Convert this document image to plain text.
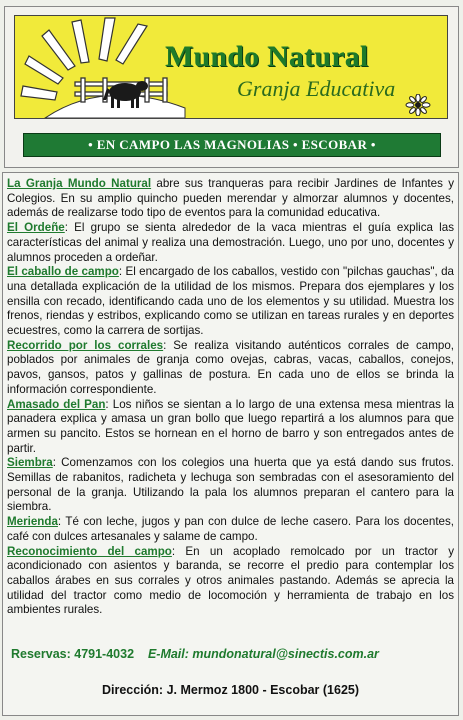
Mundo Natural
Granja Educativa
• EN CAMPO LAS MAGNOLIAS • ESCOBAR •

La Granja Mundo Natural abre sus tranqueras para recibir Jardines de Infantes y Colegios. En su amplio quincho pueden merendar y almorzar alumnos y docentes, además de realizarse todo tipo de eventos para la comunidad educativa.

El Ordeñe: El grupo se sienta alrededor de la vaca mientras el guía explica las características del animal y realiza una demostración. Luego, uno por uno, docentes y alumnos proceden a ordeñar.

El caballo de campo: El encargado de los caballos, vestido con "pilchas gauchas", da una detallada explicación de la utilidad de los mismos. Prepara dos ejemplares y los ensilla con recado, identificando cada uno de los elementos y su utilidad. Muestra los frenos, riendas y estribos, explicando como se utilizan en tareas rurales y en deportes ecuestres, como la carrera de sortijas.

Recorrido por los corrales: Se realiza visitando auténticos corrales de campo, poblados por animales de granja como ovejas, cabras, vacas, caballos, conejos, pavos, gansos, patos y gallinas de postura. En cada uno de ellos se brinda la información correspondiente.

Amasado del Pan: Los niños se sientan a lo largo de una extensa mesa mientras la panadera explica y amasa un gran bollo que luego repartirá a los alumnos para que armen su pancito. Estos se hornean en el horno de barro y son entregados antes de partir.

Siembra: Comenzamos con los colegios una huerta que ya está dando sus frutos. Semillas de rabanitos, radicheta y lechuga son sembradas con el asesoramiento del personal de la granja. Utilizando la pala los alumnos preparan el cantero para la siembra.

Merienda: Té con leche, jugos y pan con dulce de leche casero. Para los docentes, café con dulces artesanales y salame de campo.

Reconocimiento del campo: En un acoplado remolcado por un tractor y acondicionado con asientos y baranda, se recorre el predio para contemplar los caballos árabes en sus corrales y otros animales pastando. Además se aprecia la utilidad del tractor como medio de locomoción y herramienta de trabajo en los ambientes rurales.

Reservas: 4791-4032 E-Mail: mundonatural@sinectis.com.ar
Dirección: J. Mermoz 1800 - Escobar (1625)
